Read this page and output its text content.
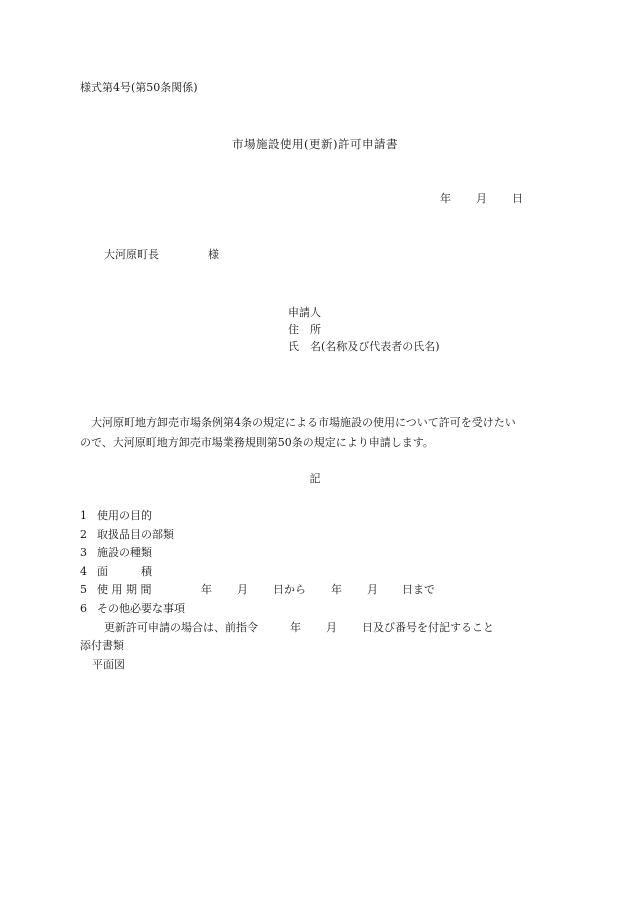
様式第4号(第50条関係)
市場施設使用(更新)許可申請書
年 月 日
大河原町長	様
申請人
住　所
氏　名(名称及び代表者の氏名)

大河原町地方卸売市場条例第4条の規定による市場施設の使用について許可を受けたい

ので、大河原町地方卸売市場業務規則第50条の規定により申請します。

記
1 使用の目的
2 取扱品目の部類
3 施設の種類
4 面　　　積
5 使 用 期 間	年 月 日から 年 月 日まで
6 その他必要な事項
更新許可申請の場合は、前指令	年 月 日及び番号を付記すること
添付書類
平面図
